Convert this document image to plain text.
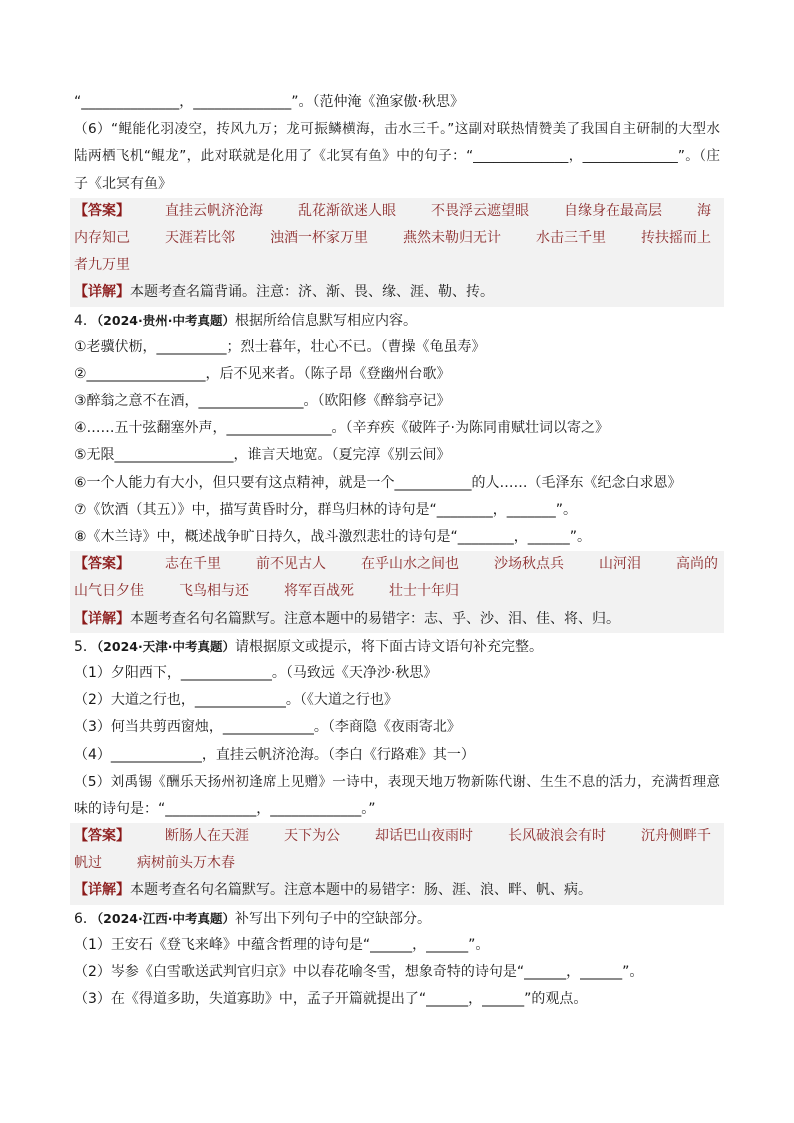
“______________，______________”。（范仲淹《渔家傲·秋思》
（6）“鲲能化羽凌空，抟风九万；龙可振鳞横海，击水三千。”这副对联热情赞美了我国自主研制的大型水
陆两栖飞机“鲲龙”，此对联就是化用了《北冥有鱼》中的句子：“______________，______________”。（庄
子《北冥有鱼》
【答案】	直挂云帆济沧海	乱花渐欲迷人眼	不畏浮云遮望眼	自缘身在最高层	海
内存知己	天涯若比邻	浊酒一杯家万里	燕然未勒归无计	水击三千里	抟扶摇而上
者九万里
【详解】本题考查名篇背诵。注意：济、渐、畏、缘、涯、勒、抟。
4．（2024·贵州·中考真题）根据所给信息默写相应内容。
①老骥伏枥，__________；烈士暮年，壮心不已。（曹操《龟虽寿》
②_________________，后不见来者。（陈子昂《登幽州台歌》
③醉翁之意不在酒，_______________。（欧阳修《醉翁亭记》
④……五十弦翻塞外声，_______________。（辛弃疾《破阵子·为陈同甫赋壮词以寄之》
⑤无限_________________，谁言天地宽。（夏完淳《别云间》
⑥一个人能力有大小，但只要有这点精神，就是一个___________的人……（毛泽东《纪念白求恩》
⑦《饮酒（其五）》中，描写黄昏时分，群鸟归林的诗句是“________，_______”。
⑧《木兰诗》中，概述战争旷日持久，战斗激烈悲壮的诗句是“________，______”。
【答案】	志在千里	前不见古人	在乎山水之间也	沙场秋点兵	山河泪	高尚的
山气日夕佳	飞鸟相与还	将军百战死	壮士十年归
【详解】本题考查名句名篇默写。注意本题中的易错字：志、乎、沙、泪、佳、将、归。
5．（2024·天津·中考真题）请根据原文或提示，将下面古诗文语句补充完整。
（1）夕阳西下，_____________。（马致远《天净沙·秋思》
（2）大道之行也，_____________。（《大道之行也》
（3）何当共剪西窗烛，_____________。（李商隐《夜雨寄北》
（4）_____________，直挂云帆济沧海。（李白《行路难》其一）
（5）刘禹锡《酬乐天扬州初逢席上见赠》一诗中，表现天地万物新陈代谢、生生不息的活力，充满哲理意
味的诗句是：“_____________，_____________。”
【答案】	断肠人在天涯	天下为公	却话巴山夜雨时	长风破浪会有时	沉舟侧畔千
帆过	病树前头万木春
【详解】本题考查名句名篇默写。注意本题中的易错字：肠、涯、浪、畔、帆、病。
6．（2024·江西·中考真题）补写出下列句子中的空缺部分。
（1）王安石《登飞来峰》中蕴含哲理的诗句是“______，______”。
（2）岑参《白雪歌送武判官归京》中以春花喻冬雪，想象奇特的诗句是“______，______”。
（3）在《得道多助，失道寡助》中，孟子开篇就提出了“______，______”的观点。
